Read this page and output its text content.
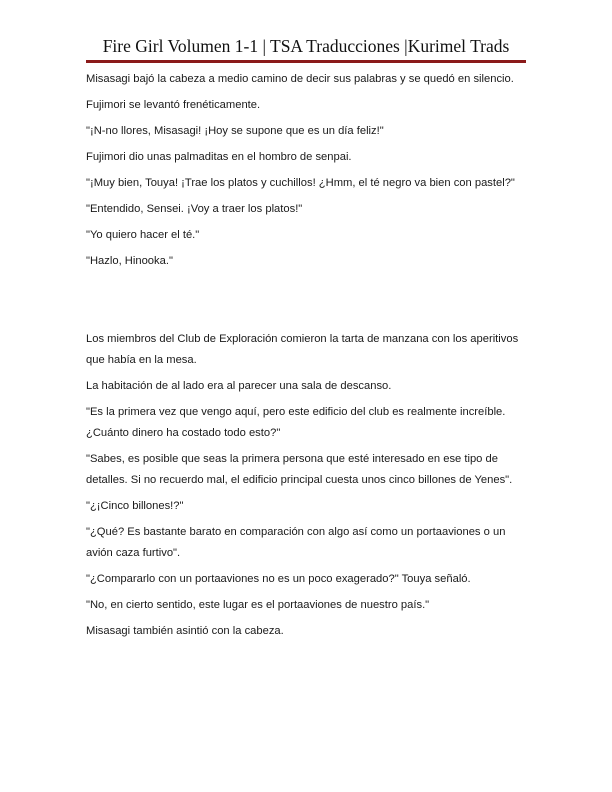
Fire Girl Volumen 1-1 | TSA Traducciones |Kurimel Trads

Misasagi bajó la cabeza a medio camino de decir sus palabras y se quedó en silencio.

Fujimori se levantó frenéticamente.

"¡N-no llores, Misasagi! ¡Hoy se supone que es un día feliz!"

Fujimori dio unas palmaditas en el hombro de senpai.

"¡Muy bien, Touya! ¡Trae los platos y cuchillos! ¿Hmm, el té negro va bien con pastel?"

"Entendido, Sensei. ¡Voy a traer los platos!"

"Yo quiero hacer el té."

"Hazlo, Hinooka."

Los miembros del Club de Exploración comieron la tarta de manzana con los aperitivos que había en la mesa.

La habitación de al lado era al parecer una sala de descanso.

"Es la primera vez que vengo aquí, pero este edificio del club es realmente increíble. ¿Cuánto dinero ha costado todo esto?"

"Sabes, es posible que seas la primera persona que esté interesado en ese tipo de detalles. Si no recuerdo mal, el edificio principal cuesta unos cinco billones de Yenes".

"¿¡Cinco billones!?"

"¿Qué? Es bastante barato en comparación con algo así como un portaaviones o un avión caza furtivo".

"¿Compararlo con un portaaviones no es un poco exagerado?" Touya señaló.

"No, en cierto sentido, este lugar es el portaaviones de nuestro país."

Misasagi también asintió con la cabeza.
